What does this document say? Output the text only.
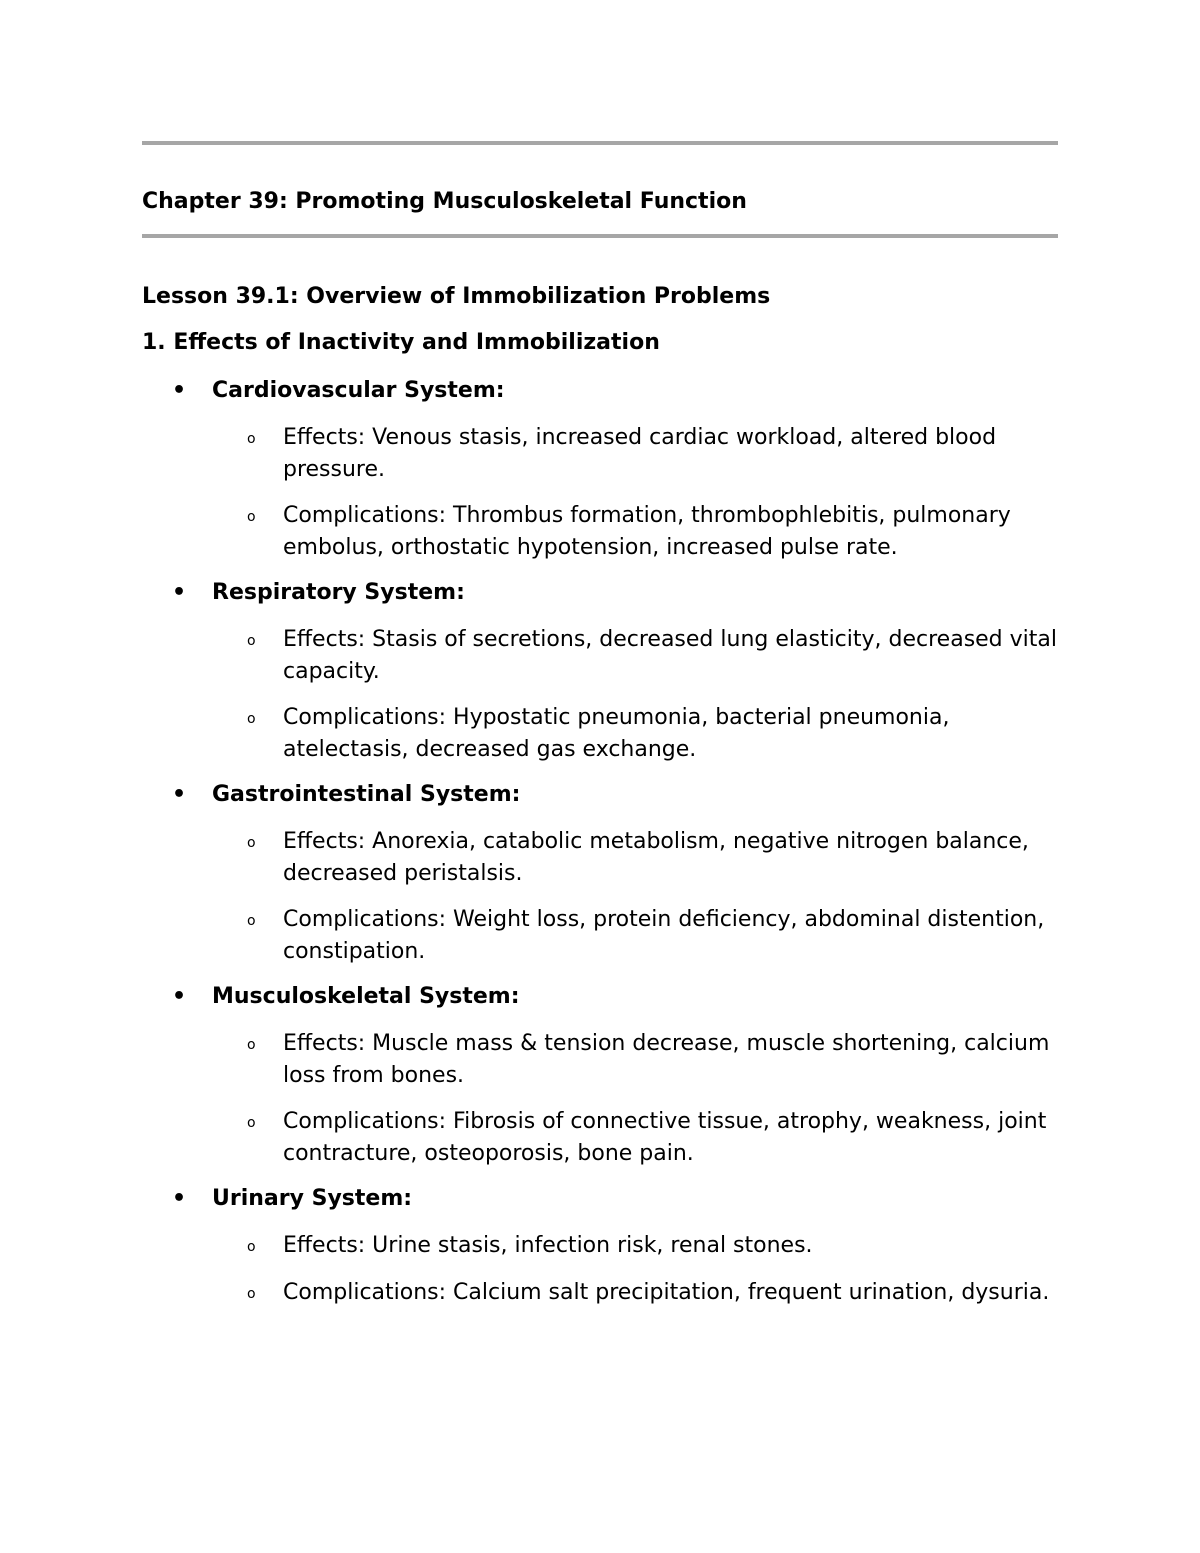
Chapter 39: Promoting Musculoskeletal Function
Lesson 39.1: Overview of Immobilization Problems
1. Effects of Inactivity and Immobilization
• Cardiovascular System:
o Effects: Venous stasis, increased cardiac workload, altered blood pressure.
o Complications: Thrombus formation, thrombophlebitis, pulmonary embolus, orthostatic hypotension, increased pulse rate.
• Respiratory System:
o Effects: Stasis of secretions, decreased lung elasticity, decreased vital capacity.
o Complications: Hypostatic pneumonia, bacterial pneumonia, atelectasis, decreased gas exchange.
• Gastrointestinal System:
o Effects: Anorexia, catabolic metabolism, negative nitrogen balance, decreased peristalsis.
o Complications: Weight loss, protein deficiency, abdominal distention, constipation.
• Musculoskeletal System:
o Effects: Muscle mass & tension decrease, muscle shortening, calcium loss from bones.
o Complications: Fibrosis of connective tissue, atrophy, weakness, joint contracture, osteoporosis, bone pain.
• Urinary System:
o Effects: Urine stasis, infection risk, renal stones.
o Complications: Calcium salt precipitation, frequent urination, dysuria.
